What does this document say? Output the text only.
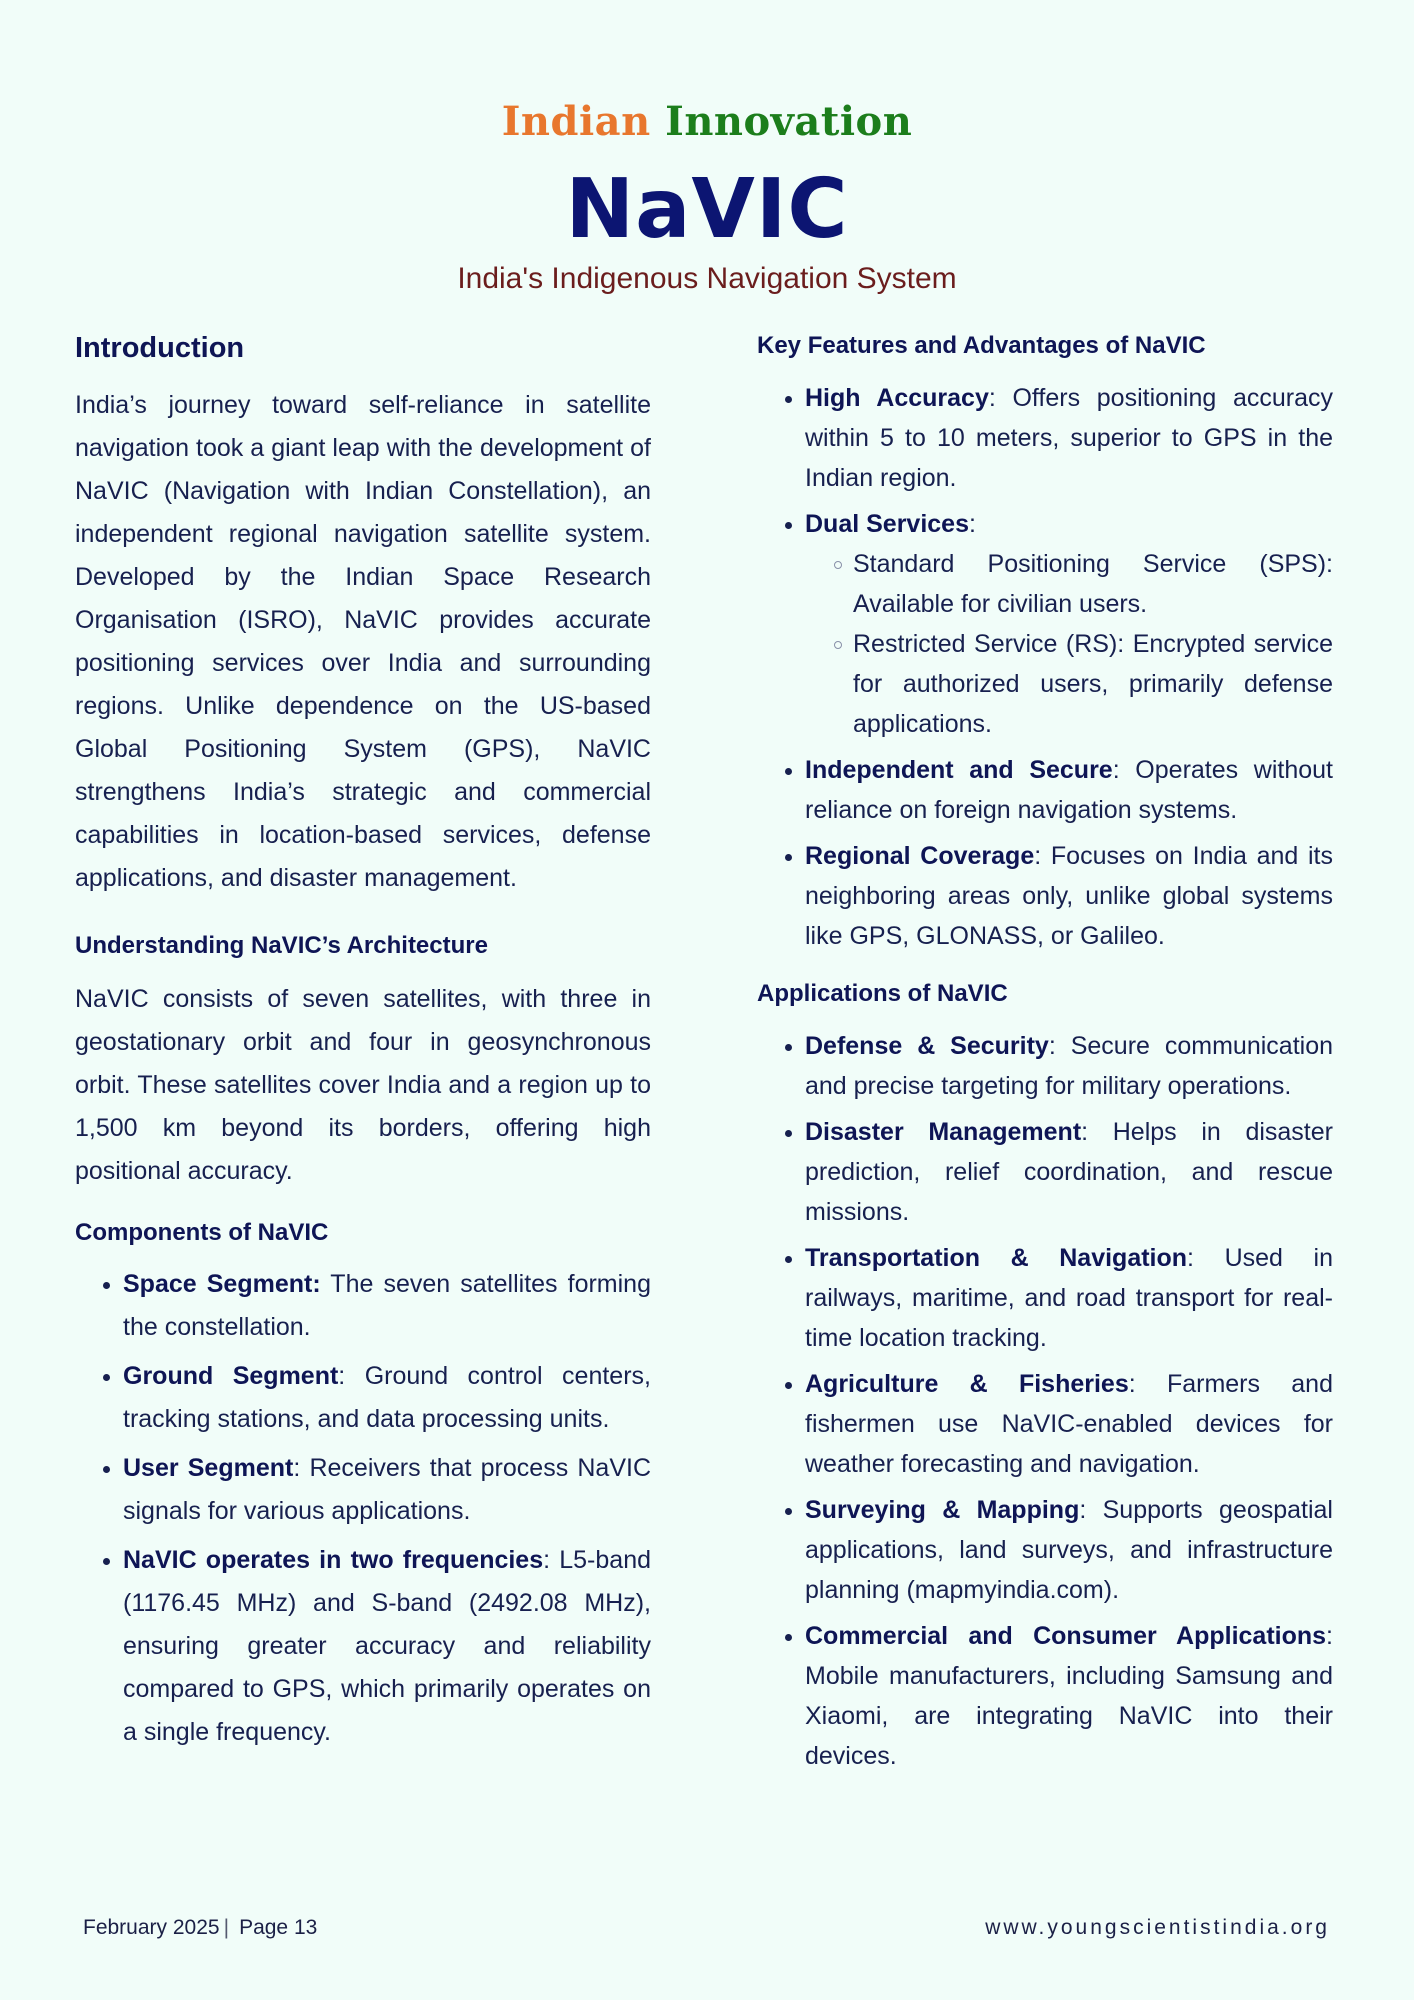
Indian Innovation
NaVIC
India's Indigenous Navigation System
Introduction

India’s journey toward self-reliance in satellite navigation took a giant leap with the development of NaVIC (Navigation with Indian Constellation), an independent regional navigation satellite system. Developed by the Indian Space Research Organisation (ISRO), NaVIC provides accurate positioning services over India and surrounding regions. Unlike dependence on the US-based Global Positioning System (GPS), NaVIC strengthens India’s strategic and commercial capabilities in location-based services, defense applications, and disaster management.

Understanding NaVIC’s Architecture

NaVIC consists of seven satellites, with three in geostationary orbit and four in geosynchronous orbit. These satellites cover India and a region up to 1,500 km beyond its borders, offering high positional accuracy.

Components of NaVIC
Space Segment: The seven satellites forming the constellation.
Ground Segment: Ground control centers, tracking stations, and data processing units.
User Segment: Receivers that process NaVIC signals for various applications.
NaVIC operates in two frequencies: L5-band (1176.45 MHz) and S-band (2492.08 MHz), ensuring greater accuracy and reliability compared to GPS, which primarily operates on a single frequency.
Key Features and Advantages of NaVIC
High Accuracy: Offers positioning accuracy within 5 to 10 meters, superior to GPS in the Indian region.
Dual Services:
Standard Positioning Service (SPS): Available for civilian users.
Restricted Service (RS): Encrypted service for authorized users, primarily defense applications.
Independent and Secure: Operates without reliance on foreign navigation systems.
Regional Coverage: Focuses on India and its neighboring areas only, unlike global systems like GPS, GLONASS, or Galileo.
Applications of NaVIC
Defense & Security: Secure communication and precise targeting for military operations.
Disaster Management: Helps in disaster prediction, relief coordination, and rescue missions.
Transportation & Navigation: Used in railways, maritime, and road transport for real-time location tracking.
Agriculture & Fisheries: Farmers and fishermen use NaVIC-enabled devices for weather forecasting and navigation.
Surveying & Mapping: Supports geospatial applications, land surveys, and infrastructure planning (mapmyindia.com).
Commercial and Consumer Applications: Mobile manufacturers, including Samsung and Xiaomi, are integrating NaVIC into their devices.
February 2025 | Page 13	www.youngscientistindia.org
